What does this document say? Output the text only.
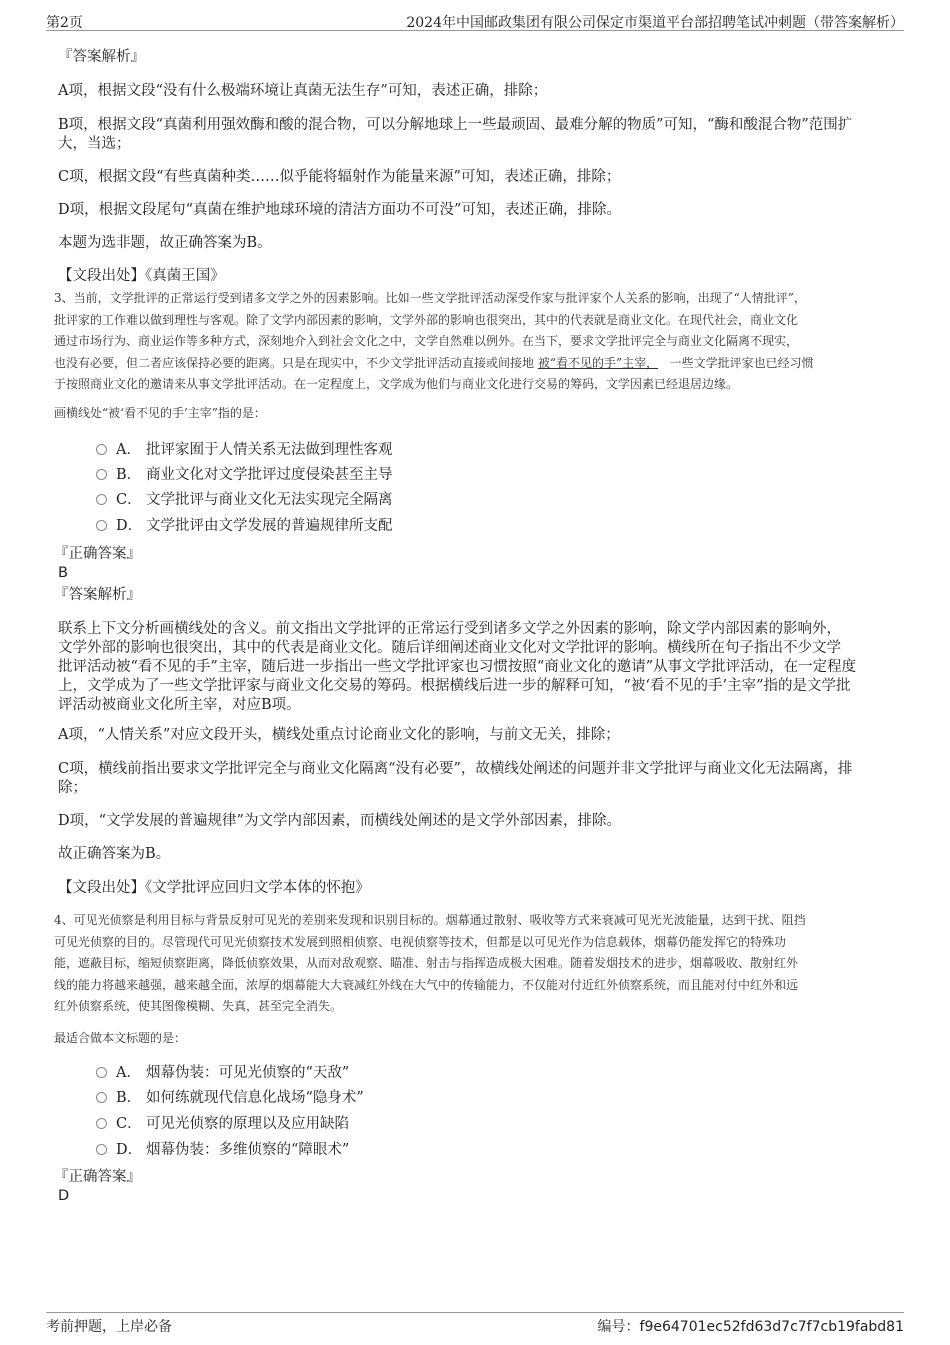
第2页	2024年中国邮政集团有限公司保定市渠道平台部招聘笔试冲刺题（带答案解析）
『答案解析』
A项，根据文段“没有什么极端环境让真菌无法生存”可知，表述正确，排除；
B项，根据文段“真菌利用强效酶和酸的混合物，可以分解地球上一些最顽固、最难分解的物质”可知，“酶和酸混合物”范围扩
大，当选；
C项，根据文段“有些真菌种类……似乎能将辐射作为能量来源”可知，表述正确，排除；
D项，根据文段尾句“真菌在维护地球环境的清洁方面功不可没”可知，表述正确，排除。
本题为选非题，故正确答案为B。
【文段出处】《真菌王国》
3、当前，文学批评的正常运行受到诸多文学之外的因素影响。比如一些文学批评活动深受作家与批评家个人关系的影响，出现了“人情批评”，
批评家的工作难以做到理性与客观。除了文学内部因素的影响，文学外部的影响也很突出，其中的代表就是商业文化。在现代社会，商业文化
通过市场行为、商业运作等多种方式，深刻地介入到社会文化之中，文学自然难以例外。在当下，要求文学批评完全与商业文化隔离不现实，
也没有必要，但二者应该保持必要的距离。只是在现实中，不少文学批评活动直接或间接地 被“看不见的手”主宰， 一些文学批评家也已经习惯
于按照商业文化的邀请来从事文学批评活动。在一定程度上，文学成为他们与商业文化进行交易的筹码，文学因素已经退居边缘。
画横线处“被‘看不见的手’主宰”指的是：
A． 批评家囿于人情关系无法做到理性客观
B． 商业文化对文学批评过度侵染甚至主导
C． 文学批评与商业文化无法实现完全隔离
D． 文学批评由文学发展的普遍规律所支配
『正确答案』
B
『答案解析』
联系上下文分析画横线处的含义。前文指出文学批评的正常运行受到诸多文学之外因素的影响，除文学内部因素的影响外，
文学外部的影响也很突出，其中的代表是商业文化。随后详细阐述商业文化对文学批评的影响。横线所在句子指出不少文学
批评活动被“看不见的手”主宰，随后进一步指出一些文学批评家也习惯按照“商业文化的邀请”从事文学批评活动，在一定程度
上，文学成为了一些文学批评家与商业文化交易的筹码。根据横线后进一步的解释可知，“被‘看不见的手’主宰”指的是文学批
评活动被商业文化所主宰，对应B项。
A项，“人情关系”对应文段开头，横线处重点讨论商业文化的影响，与前文无关，排除；
C项，横线前指出要求文学批评完全与商业文化隔离“没有必要”，故横线处阐述的问题并非文学批评与商业文化无法隔离，排
除；
D项，“文学发展的普遍规律”为文学内部因素，而横线处阐述的是文学外部因素，排除。
故正确答案为B。
【文段出处】《文学批评应回归文学本体的怀抱》
4、可见光侦察是利用目标与背景反射可见光的差别来发现和识别目标的。烟幕通过散射、吸收等方式来衰减可见光光波能量，达到干扰、阻挡
可见光侦察的目的。尽管现代可见光侦察技术发展到照相侦察、电视侦察等技术，但都是以可见光作为信息载体，烟幕仍能发挥它的特殊功
能，遮蔽目标，缩短侦察距离，降低侦察效果，从而对敌观察、瞄准、射击与指挥造成极大困难。随着发烟技术的进步，烟幕吸收、散射红外
线的能力将越来越强，越来越全面，浓厚的烟幕能大大衰减红外线在大气中的传输能力，不仅能对付近红外侦察系统，而且能对付中红外和远
红外侦察系统，使其图像模糊、失真，甚至完全消失。
最适合做本文标题的是：
A． 烟幕伪装：可见光侦察的“天敌”
B． 如何练就现代信息化战场“隐身术”
C． 可见光侦察的原理以及应用缺陷
D． 烟幕伪装：多维侦察的“障眼术”
『正确答案』
D
考前押题，上岸必备	编号：f9e64701ec52fd63d7c7f7cb19fabd81
